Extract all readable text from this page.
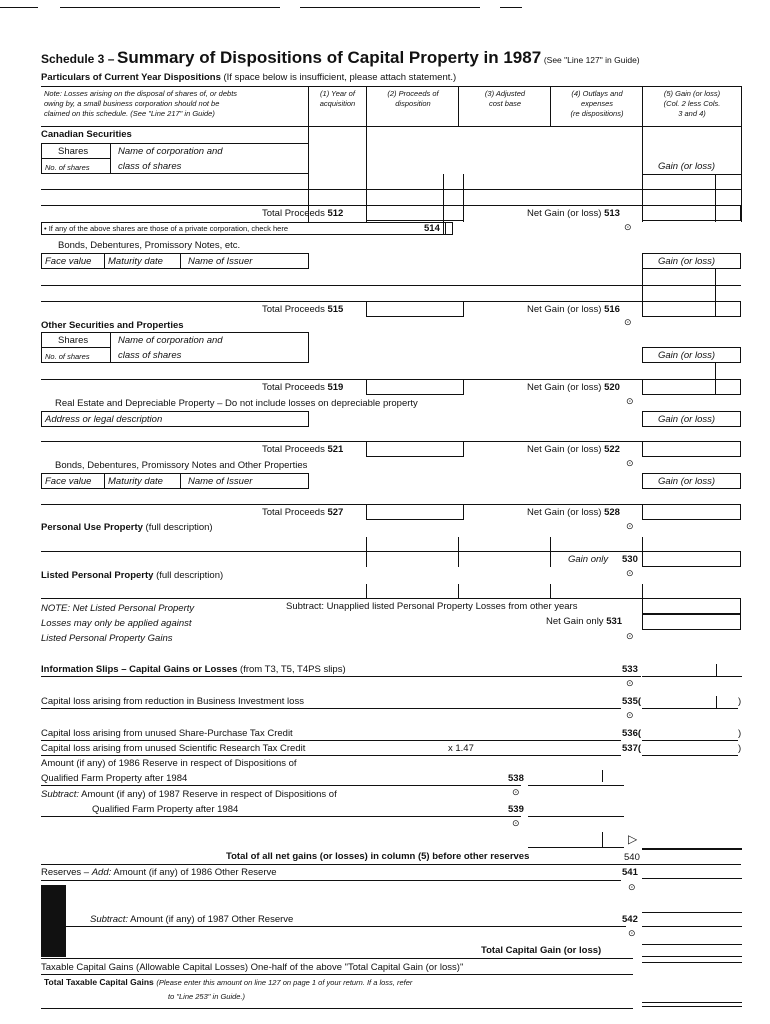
Schedule 3 – Summary of Dispositions of Capital Property in 1987 (See "Line 127" in Guide)
Particulars of Current Year Dispositions (If space below is insufficient, please attach statement.)
Note: Losses arising on the disposal of shares of, or debts
owing by, a small business corporation should not be
claimed on this schedule. (See "Line 217" in Guide)
(1) Year of
acquisition
(2) Proceeds of
disposition
(3) Adjusted
cost base
(4) Outlays and
expenses
(re dispositions)
(5) Gain (or loss)
(Col. 2 less Cols.
3 and 4)
Canadian Securities
Shares	Name of corporation and
No. of shares	class of shares	Gain (or loss)
Total Proceeds 512	Net Gain (or loss) 513
⊙
• If any of the above shares are those of a private corporation, check here	514
Bonds, Debentures, Promissory Notes, etc.
Face value Maturity date	Name of Issuer	Gain (or loss)
Total Proceeds 515	Net Gain (or loss) 516
⊙
Other Securities and Properties
Shares	Name of corporation and
No. of shares	class of shares	Gain (or loss)
Total Proceeds 519	Net Gain (or loss) 520
⊙
Real Estate and Depreciable Property – Do not include losses on depreciable property
Address or legal description	Gain (or loss)
Total Proceeds 521	Net Gain (or loss) 522
⊙
Bonds, Debentures, Promissory Notes and Other Properties
Face value Maturity date	Name of Issuer	Gain (or loss)
Total Proceeds 527	Net Gain (or loss) 528
⊙
Personal Use Property (full description)
Gain only 530
⊙
Listed Personal Property (full description)
NOTE: Net Listed Personal Property
Losses may only be applied against
Listed Personal Property Gains
Subtract: Unapplied listed Personal Property Losses from other years
Net Gain only 531
⊙
Information Slips – Capital Gains or Losses (from T3, T5, T4PS slips)	533
⊙
Capital loss arising from reduction in Business Investment loss	535(	)
⊙
Capital loss arising from unused Share-Purchase Tax Credit	536(	)
Capital loss arising from unused Scientific Research Tax Credit	x 1.47	537(	)
Amount (if any) of 1986 Reserve in respect of Dispositions of
Qualified Farm Property after 1984	538
⊙
Subtract: Amount (if any) of 1987 Reserve in respect of Dispositions of
Qualified Farm Property after 1984	539
⊙
▷
Total of all net gains (or losses) in column (5) before other reserves	540
Reserves – Add: Amount (if any) of 1986 Other Reserve	541
⊙
Subtract: Amount (if any) of 1987 Other Reserve	542
⊙
Total Capital Gain (or loss)
Taxable Capital Gains (Allowable Capital Losses) One-half of the above "Total Capital Gain (or loss)"
Total Taxable Capital Gains (Please enter this amount on line 127 on page 1 of your return. If a loss, refer
to "Line 253" in Guide.)
